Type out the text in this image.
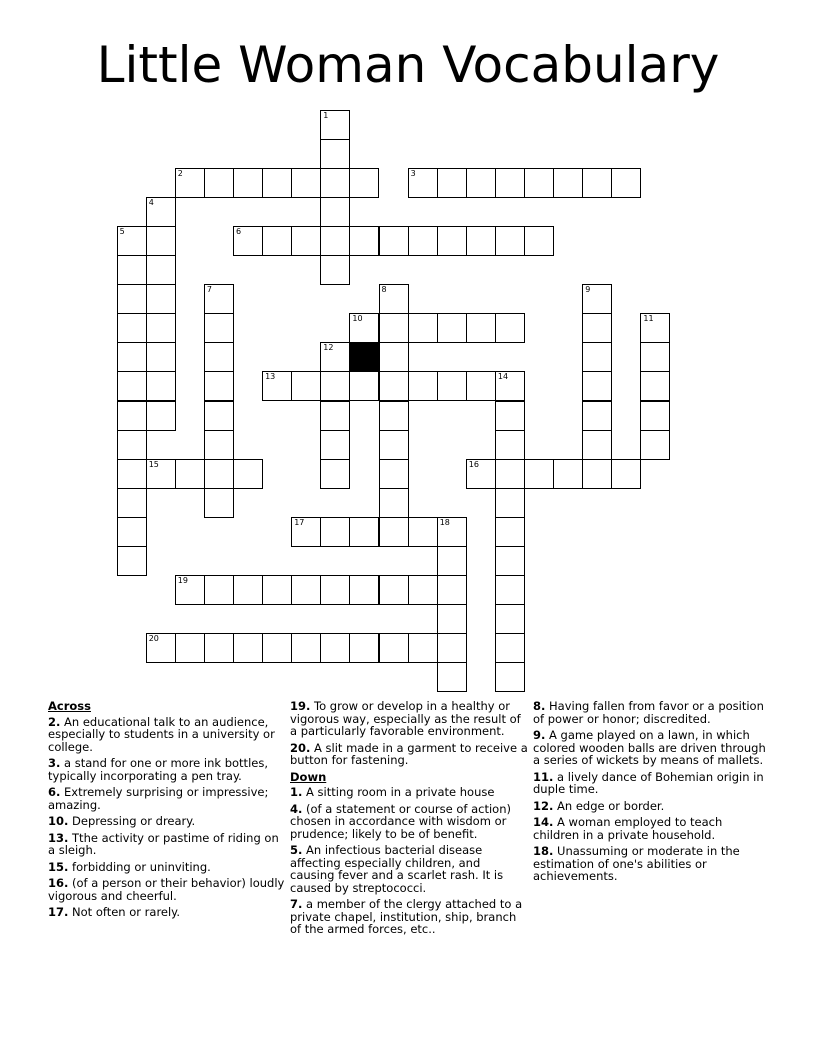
Little Woman Vocabulary
1
2	3
4
5	6
7	8	9
10	11
12
13	14
15	16
17	18
19
20
Across
2. An educational talk to an audience, especially to students in a university or college.
3. a stand for one or more ink bottles, typically incorporating a pen tray.
6. Extremely surprising or impressive; amazing.
10. Depressing or dreary.
13. Tthe activity or pastime of riding on a sleigh.
15. forbidding or uninviting.
16. (of a person or their behavior) loudly vigorous and cheerful.
17. Not often or rarely.
19. To grow or develop in a healthy or vigorous way, especially as the result of a particularly favorable environment.
20. A slit made in a garment to receive a button for fastening.
Down
1. A sitting room in a private house
4. (of a statement or course of action) chosen in accordance with wisdom or prudence; likely to be of benefit.
5. An infectious bacterial disease affecting especially children, and causing fever and a scarlet rash. It is caused by streptococci.
7. a member of the clergy attached to a private chapel, institution, ship, branch of the armed forces, etc..
8. Having fallen from favor or a position of power or honor; discredited.
9. A game played on a lawn, in which colored wooden balls are driven through a series of wickets by means of mallets.
11. a lively dance of Bohemian origin in duple time.
12. An edge or border.
14. A woman employed to teach children in a private household.
18. Unassuming or moderate in the estimation of one's abilities or achievements.
